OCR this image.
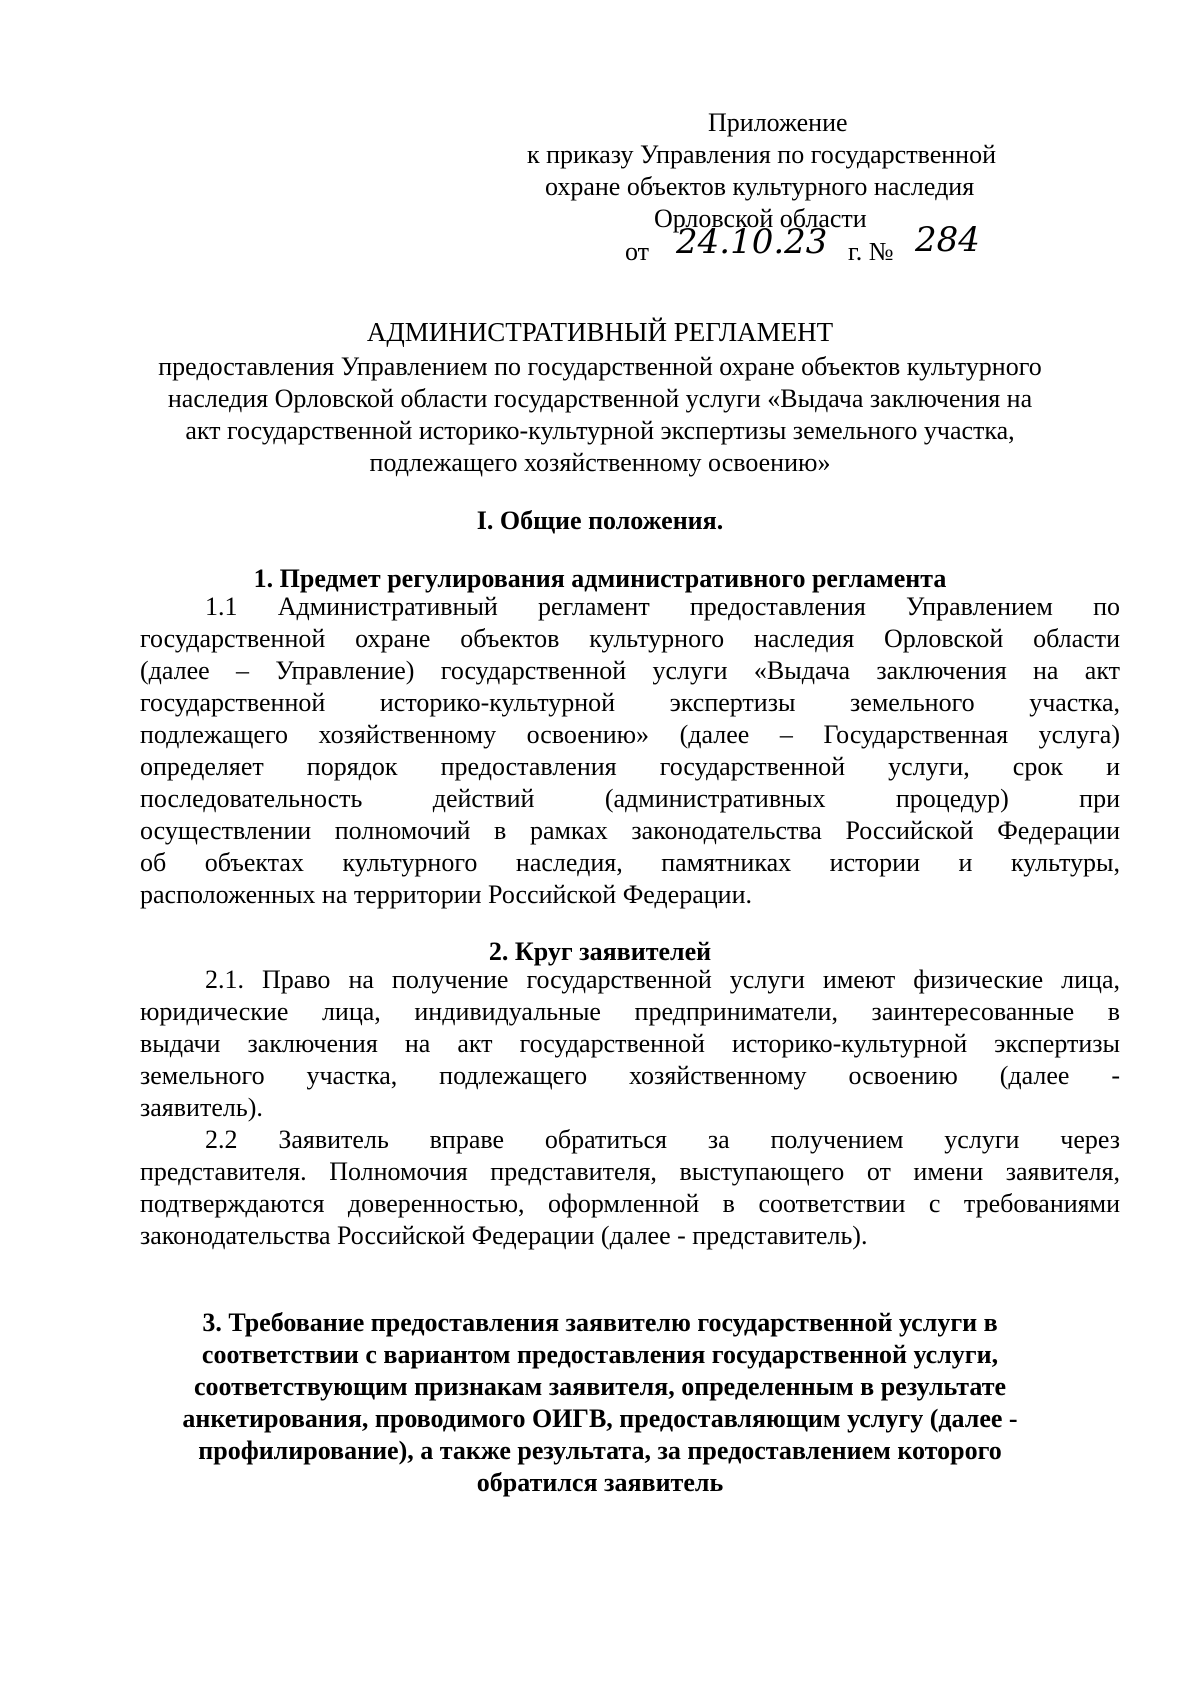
Приложение
к приказу Управления по государственной
охране объектов культурного наследия
Орловской области
от 24.10.23 г. № 284
АДМИНИСТРАТИВНЫЙ РЕГЛАМЕНТ
предоставления Управлением по государственной охране объектов культурного
наследия Орловской области государственной услуги «Выдача заключения на
акт государственной историко-культурной экспертизы земельного участка,
подлежащего хозяйственному освоению»
I. Общие положения.
1. Предмет регулирования административного регламента
1.1 Административный регламент предоставления Управлением по
государственной охране объектов культурного наследия Орловской области
(далее – Управление) государственной услуги «Выдача заключения на акт
государственной историко-культурной экспертизы земельного участка,
подлежащего хозяйственному освоению» (далее – Государственная услуга)
определяет порядок предоставления государственной услуги, срок и
последовательность действий (административных процедур) при
осуществлении полномочий в рамках законодательства Российской Федерации
об объектах культурного наследия, памятниках истории и культуры,
расположенных на территории Российской Федерации.
2. Круг заявителей
2.1. Право на получение государственной услуги имеют физические лица,
юридические лица, индивидуальные предприниматели, заинтересованные в
выдачи заключения на акт государственной историко-культурной экспертизы
земельного участка, подлежащего хозяйственному освоению (далее -
заявитель).
2.2 Заявитель вправе обратиться за получением услуги через
представителя. Полномочия представителя, выступающего от имени заявителя,
подтверждаются доверенностью, оформленной в соответствии с требованиями
законодательства Российской Федерации (далее - представитель).
3. Требование предоставления заявителю государственной услуги в
соответствии с вариантом предоставления государственной услуги,
соответствующим признакам заявителя, определенным в результате
анкетирования, проводимого ОИГВ, предоставляющим услугу (далее -
профилирование), а также результата, за предоставлением которого
обратился заявитель
